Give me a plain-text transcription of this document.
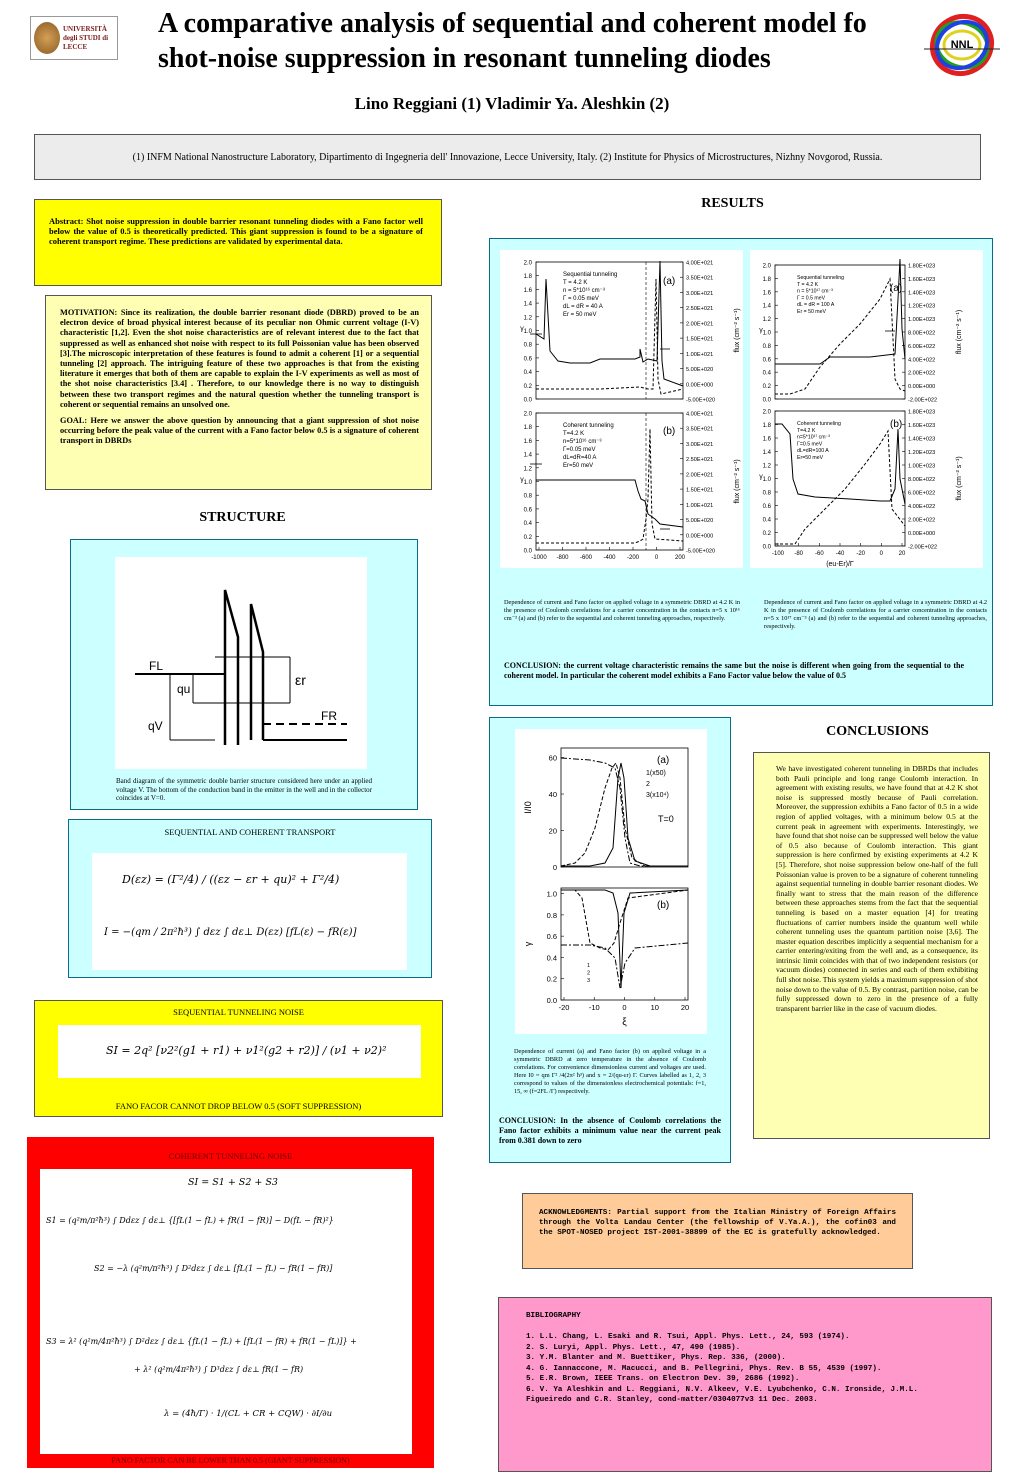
UNIVERSITÀ degli STUDI di LECCE
A comparative analysis of sequential and coherent model fo
shot-noise suppression in resonant tunneling diodes	NNL
Lino Reggiani (1) Vladimir Ya. Aleshkin (2)
(1) INFM National Nanostructure Laboratory, Dipartimento di Ingegneria dell' Innovazione, Lecce University, Italy. (2) Institute for Physics of Microstructures, Nizhny Novgorod, Russia.
Abstract: Shot noise suppression in double barrier resonant tunneling diodes with a Fano factor well below the value of 0.5 is theoretically predicted. This giant suppression is found to be a signature of coherent transport regime. These predictions are validated by experimental data.
MOTIVATION: Since its realization, the double barrier resonant diode (DBRD) proved to be an electron device of broad physical interest because of its peculiar non Ohmic current voltage (I-V) characteristic [1,2]. Even the shot noise characteristics are of relevant interest due to the fact that suppressed as well as enhanced shot noise with respect to its full Poissonian value has been observed [3].The microscopic interpretation of these features is found to admit a coherent [1] or a sequential tunneling [2] approach. The intriguing feature of these two approaches is that from the existing literature it emerges that both of them are capable to explain the I-V experiments as well as most of the shot noise characteristics [3.4] . Therefore, to our knowledge there is no way to distinguish between these two transport regimes and the natural question whether the tunneling transport is coherent or sequential remains an unsolved one.
GOAL: Here we answer the above question by announcing that a giant suppression of shot noise occurring before the peak value of the current with a Fano factor below 0.5 is a signature of coherent transport in DBRDs
STRUCTURE
FL
FR
qu
qV
εr
Band diagram of the symmetric double barrier structure considered here under an applied voltage V. The bottom of the conduction band in the emitter in the well and in the collector coincides at V=0.
SEQUENTIAL AND COHERENT TRANSPORT
D(εz) = (Γ²/4) / ((εz − εr + qu)² + Γ²/4)
I = −(qm / 2π²ħ³) ∫ dεz ∫ dε⊥ D(εz) [fL(ε) − fR(ε)]
SEQUENTIAL TUNNELING NOISE
SI = 2q² [ν2²(g1 + r1) + ν1²(g2 + r2)] / (ν1 + ν2)²
FANO FACOR CANNOT DROP BELOW 0.5 (SOFT SUPPRESSION)
COHERENT TUNNELING NOISE
SI = S1 + S2 + S3
S1 = (q²m/π²ħ³) ∫ Ddεz ∫ dε⊥ {[fL(1 − fL) + fR(1 − fR)] − D(fL − fR)²}
S2 = −λ (q²m/π²ħ³) ∫ D²dεz ∫ dε⊥ [fL(1 − fL) − fR(1 − fR)]
S3 = λ² (q²m/4π²ħ³) ∫ D²dεz ∫ dε⊥ {fL(1 − fL) + [fL(1 − fR) + fR(1 − fL)]} +
+ λ² (q²m/4π²ħ³) ∫ D³dεz ∫ dε⊥ fR(1 − fR)
λ = (4ħ/Γ) · 1/(CL + CR + CQW) · ∂I/∂u
FANO FACTOR CAN BE LOWER THAN 0.5 (GIANT SUPPRESSION)
RESULTS
(a)
(b)
(a)
(b)
0.0
0.2
0.4
0.6
0.8
1.0
1.2
1.4
1.6
1.8
2.0	4.00E+021
3.50E+021
3.00E+021
2.50E+021
2.00E+021
1.50E+021
1.00E+021
5.00E+020
0.00E+000
-5.00E+020
Sequential tunneling
T = 4.2 K
n = 5*10¹⁶ cm⁻³
Γ = 0.05 meV
dL = dR = 40 A
Er = 50 meV
γ	flux (cm⁻² s⁻¹)
0.0
0.2
0.4
0.6
0.8
1.0
1.2
1.4
1.6
1.8
2.0	4.00E+021
3.50E+021
3.00E+021
2.50E+021
2.00E+021
1.50E+021
1.00E+021
5.00E+020
0.00E+000
-5.00E+020
Coherent tunneling
T=4.2 K
n=5*10¹⁶ cm⁻³
Γ=0.05 meV
dL=dR=40 A
Er=50 meV
γ	flux (cm⁻² s⁻¹)
-1000 -800 -600 -400 -200	0	200
0.0
0.2
0.4
0.6
0.8
1.0
1.2
1.4
1.6
1.8
2.0	1.80E+023
1.60E+023
1.40E+023
1.20E+023
1.00E+023
8.00E+022
6.00E+022
4.00E+022
2.00E+022
0.00E+000
-2.00E+022
Sequential tunneling
T = 4.2 K
n = 5*10¹⁷ cm⁻³
Γ = 0.5 meV
dL = dR = 100 A
Er = 50 meV
γ	flux (cm⁻² s⁻¹)
0.0
0.2
0.4
0.6
0.8
1.0
1.2
1.4
1.6
1.8
2.0	1.80E+023
1.60E+023
1.40E+023
1.20E+023
1.00E+023
8.00E+022
6.00E+022
4.00E+022
2.00E+022
0.00E+000
-2.00E+022
Coherent tunneling
T=4.2 K
n=5*10¹⁷ cm⁻³
Γ=0.5 meV
dL=dR=100 A
Er=50 meV
γ	flux (cm⁻² s⁻¹)
-100 -80 -60 -40 -20 0	20
(eu-Er)/Γ
Dependence of current and Fano factor on applied voltage in a symmetric DBRD at 4.2 K in the presence of Coulomb correlations for a carrier concentration in the contacts n=5 x 10¹⁶ cm⁻³ (a) and (b) refer to the sequential and coherent tunneling approaches, respectively.
Dependence of current and Fano factor on applied voltage in a symmetric DBRD at 4.2 K in the presence of Coulomb correlations for a carrier concentration in the contacts n=5 x 10¹⁷ cm⁻³ (a) and (b) refer to the sequential and coherent tunneling approaches, respectively.
CONCLUSION: the current voltage characteristic remains the same but the noise is different when going from the sequential to the coherent model. In particular the coherent model exhibits a Fano Factor value below the value of 0.5
(a)
(b)
0
20
40
60
I/I0
1(x50)
2
3(x10⁴)
T=0
0.0
0.2
0.4
0.6
0.8
1.0
γ
1
2
3
-20	-10	0	10	20
ξ
Dependence of current (a) and Fano factor (b) on applied voltage in a symmetric DBRD at zero temperature in the absence of Coulomb correlations. For convenience dimensionless current and voltages are used. Here I0 = qm Γ² /4(2π² ħ³) and x = 2/(qu-εr) Γ. Curves labelled as 1, 2, 3 correspond to values of the dimensionless electrochemical potentials: f=1, 15, ∞ (f=2FL /Γ) respectively.
CONCLUSION: In the absence of Coulomb correlations the Fano factor exhibits a minimum value near the current peak from 0.381 down to zero
CONCLUSIONS
We have investigated coherent tunneling in DBRDs that includes both Pauli principle and long range Coulomb interaction. In agreement with existing results, we have found that at 4.2 K shot noise is suppressed mostly because of Pauli correlation. Moreover, the suppression exhibits a Fano factor of 0.5 in a wide region of applied voltages, with a minimum below 0.5 at the current peak in agreement with experiments. Interestingly, we have found that shot noise can be suppressed well below the value of 0.5 also because of Coulomb interaction. This giant suppression is here confirmed by existing experiments at 4.2 K [5]. Therefore, shot noise suppression below one-half of the full Poissonian value is proven to be a signature of coherent tunneling against sequential tunneling in double barrier resonant diodes. We finally want to stress that the main reason of the difference between these approaches stems from the fact that the sequential tunneling is based on a master equation [4] for treating fluctuations of carrier numbers inside the quantum well while coherent tunneling uses the quantum partition noise [3,6]. The master equation describes implicitly a sequential mechanism for a carrier entering/exiting from the well and, as a consequence, its intrinsic limit coincides with that of two independent resistors (or vacuum diodes) connected in series and each of them exhibiting full shot noise. This system yields a maximum suppression of shot noise down to the value of 0.5. By contrast, partition noise, can be fully suppressed down to zero in the presence of a fully transparent barrier like in the case of vacuum diodes.
ACKNOWLEDGMENTS: Partial support from the Italian Ministry of Foreign Affairs through the Volta Landau Center (the fellowship of V.Ya.A.), the cofin03 and the SPOT-NOSED project IST-2001-38899 of the EC is gratefully acknowledged.
BIBLIOGRAPHY
1. L.L. Chang, L. Esaki and R. Tsui, Appl. Phys. Lett., 24, 593 (1974).
2. S. Luryi, Appl. Phys. Lett., 47, 490 (1985).
3. Y.M. Blanter and M. Buettiker, Phys. Rep. 336, (2000).
4. G. Iannaccone, M. Macucci, and B. Pellegrini, Phys. Rev. B 55, 4539 (1997).
5. E.R. Brown, IEEE Trans. on Electron Dev. 39, 2686 (1992).
6. V. Ya Aleshkin and L. Reggiani, N.V. Alkeev, V.E. Lyubchenko, C.N. Ironside, J.M.L. Figueiredo and C.R. Stanley, cond-matter/0304077v3 11 Dec. 2003.
